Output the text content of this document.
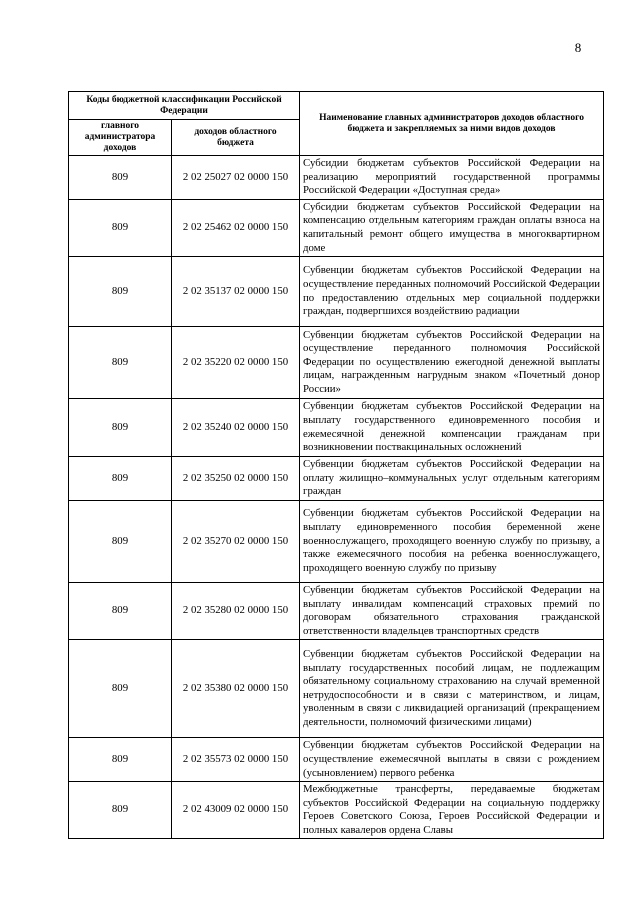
8
Коды бюджетной классификации Российской Федерации		Наименование главных администраторов доходов областного бюджета и закрепляемых за ними видов доходов
главного администратора доходов	доходов областного бюджета	
809	2 02 25027 02 0000 150	Субсидии бюджетам субъектов Российской Федерации на реализацию мероприятий государственной программы Российской Федерации «Доступная среда»
809	2 02 25462 02 0000 150	Субсидии бюджетам субъектов Российской Федерации на компенсацию отдельным категориям граждан оплаты взноса на капитальный ремонт общего имущества в многоквартирном доме
809	2 02 35137 02 0000 150	Субвенции бюджетам субъектов Российской Федерации на осуществление переданных полномочий Российской Федерации по предоставлению отдельных мер социальной поддержки граждан, подвергшихся воздействию радиации
809	2 02 35220 02 0000 150	Субвенции бюджетам субъектов Российской Федерации на осуществление переданного полномочия Российской Федерации по осуществлению ежегодной денежной выплаты лицам, награжденным нагрудным знаком «Почетный донор России»
809	2 02 35240 02 0000 150	Субвенции бюджетам субъектов Российской Федерации на выплату государственного единовременного пособия и ежемесячной денежной компенсации гражданам при возникновении поствакцинальных осложнений
809	2 02 35250 02 0000 150	Субвенции бюджетам субъектов Российской Федерации на оплату жилищно–коммунальных услуг отдельным категориям граждан
809	2 02 35270 02 0000 150	Субвенции бюджетам субъектов Российской Федерации на выплату единовременного пособия беременной жене военнослужащего, проходящего военную службу по призыву, а также ежемесячного пособия на ребенка военнослужащего, проходящего военную службу по призыву
809	2 02 35280 02 0000 150	Субвенции бюджетам субъектов Российской Федерации на выплату инвалидам компенсаций страховых премий по договорам обязательного страхования гражданской ответственности владельцев транспортных средств
809	2 02 35380 02 0000 150	Субвенции бюджетам субъектов Российской Федерации на выплату государственных пособий лицам, не подлежащим обязательному социальному страхованию на случай временной нетрудоспособности и в связи с материнством, и лицам, уволенным в связи с ликвидацией организаций (прекращением деятельности, полномочий физическими лицами)
809	2 02 35573 02 0000 150	Субвенции бюджетам субъектов Российской Федерации на осуществление ежемесячной выплаты в связи с рождением (усыновлением) первого ребенка
809	2 02 43009 02 0000 150	Межбюджетные трансферты, передаваемые бюджетам субъектов Российской Федерации на социальную поддержку Героев Советского Союза, Героев Российской Федерации и полных кавалеров ордена Славы
